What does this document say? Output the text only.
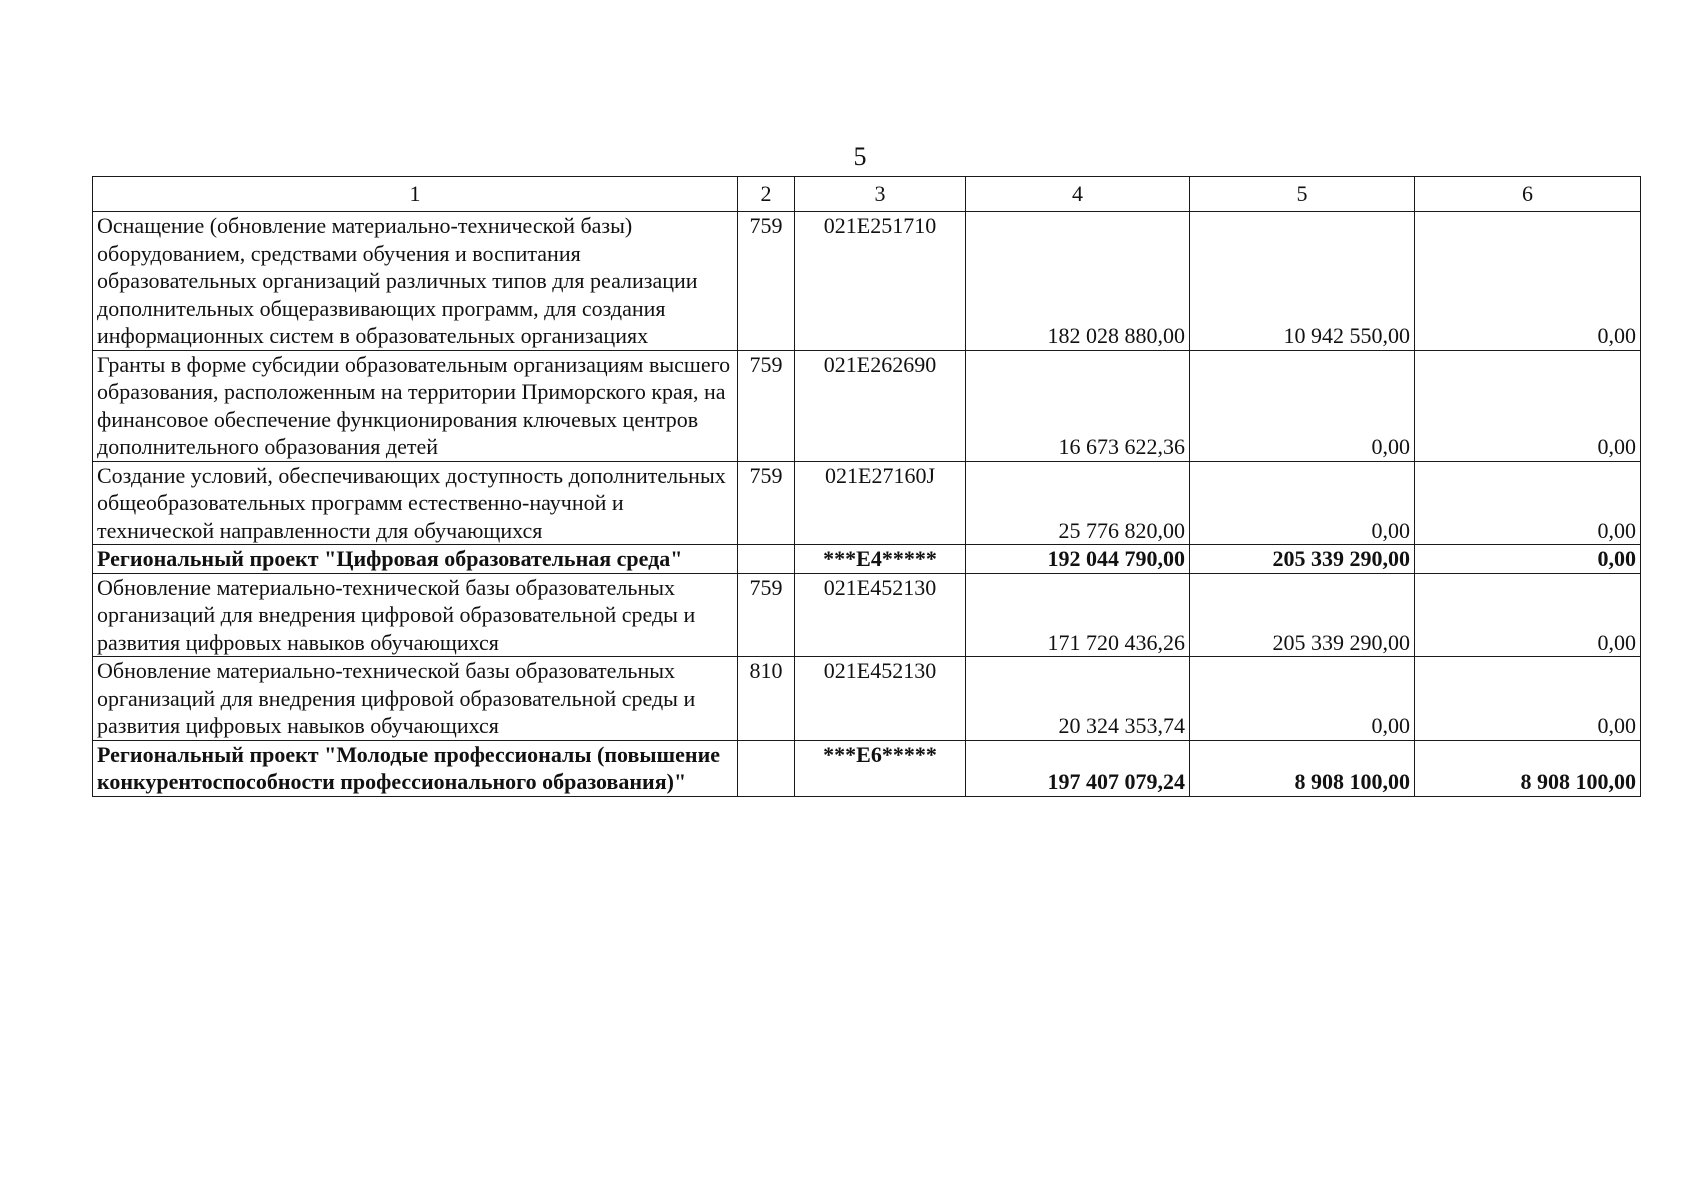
5
1	2	3	4	5	6
Оснащение (обновление материально-технической базы) оборудованием, средствами обучения и воспитания образовательных организаций различных типов для реализации дополнительных общеразвивающих программ, для создания информационных систем в образовательных организациях	759	021E251710	182 028 880,00	10 942 550,00	0,00
Гранты в форме субсидии образовательным организациям высшего образования, расположенным на территории Приморского края, на финансовое обеспечение функционирования ключевых центров дополнительного образования детей	759	021E262690	16 673 622,36	0,00	0,00
Создание условий, обеспечивающих доступность дополнительных общеобразовательных программ естественно-научной и технической направленности для обучающихся	759	021E27160J	25 776 820,00	0,00	0,00
Региональный проект "Цифровая образовательная среда"		***E4*****	192 044 790,00	205 339 290,00	0,00
Обновление материально-технической базы образовательных организаций для внедрения цифровой образовательной среды и развития цифровых навыков обучающихся	759	021E452130	171 720 436,26	205 339 290,00	0,00
Обновление материально-технической базы образовательных организаций для внедрения цифровой образовательной среды и развития цифровых навыков обучающихся	810	021E452130	20 324 353,74	0,00	0,00
Региональный проект "Молодые профессионалы (повышение конкурентоспособности профессионального образования)"		***E6*****	197 407 079,24	8 908 100,00	8 908 100,00
